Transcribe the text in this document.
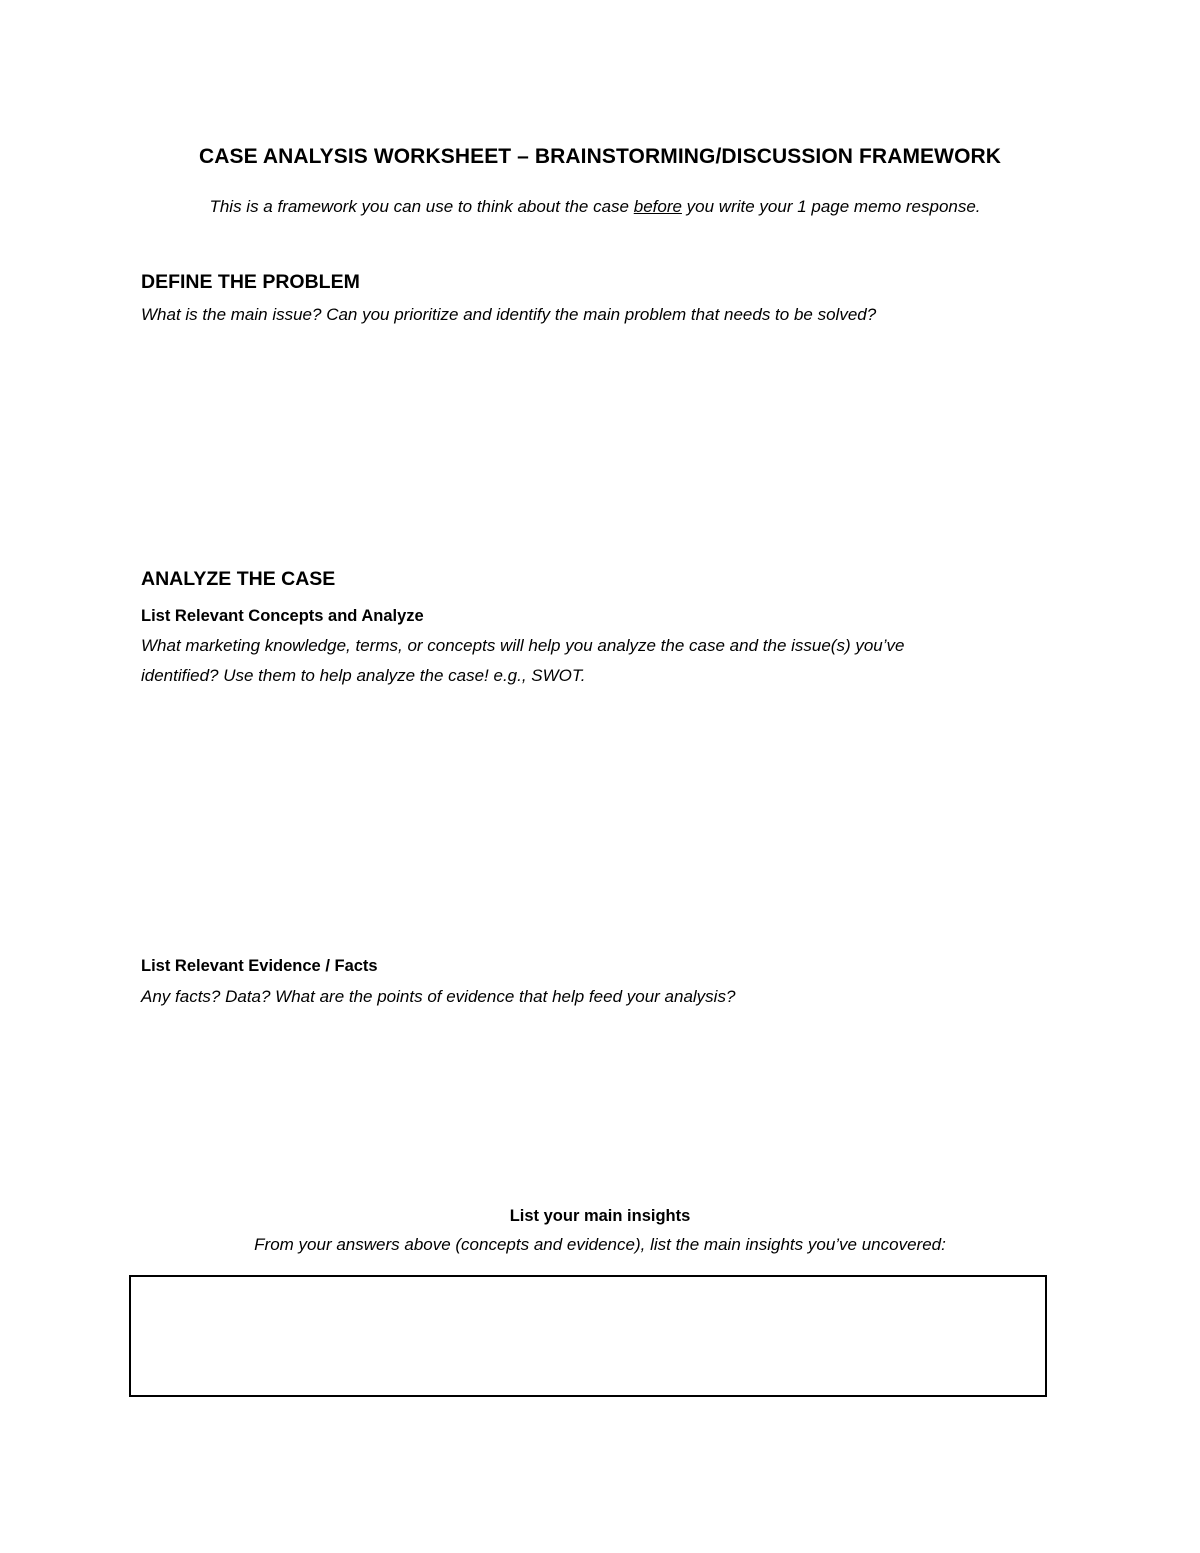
CASE ANALYSIS WORKSHEET – BRAINSTORMING/DISCUSSION FRAMEWORK

This is a framework you can use to think about the case before you write your 1 page memo response.

DEFINE THE PROBLEM

What is the main issue? Can you prioritize and identify the main problem that needs to be solved?

ANALYZE THE CASE

List Relevant Concepts and Analyze

What marketing knowledge, terms, or concepts will help you analyze the case and the issue(s) you’ve

identified? Use them to help analyze the case! e.g., SWOT.

List Relevant Evidence / Facts

Any facts? Data? What are the points of evidence that help feed your analysis?

List your main insights

From your answers above (concepts and evidence), list the main insights you’ve uncovered:
